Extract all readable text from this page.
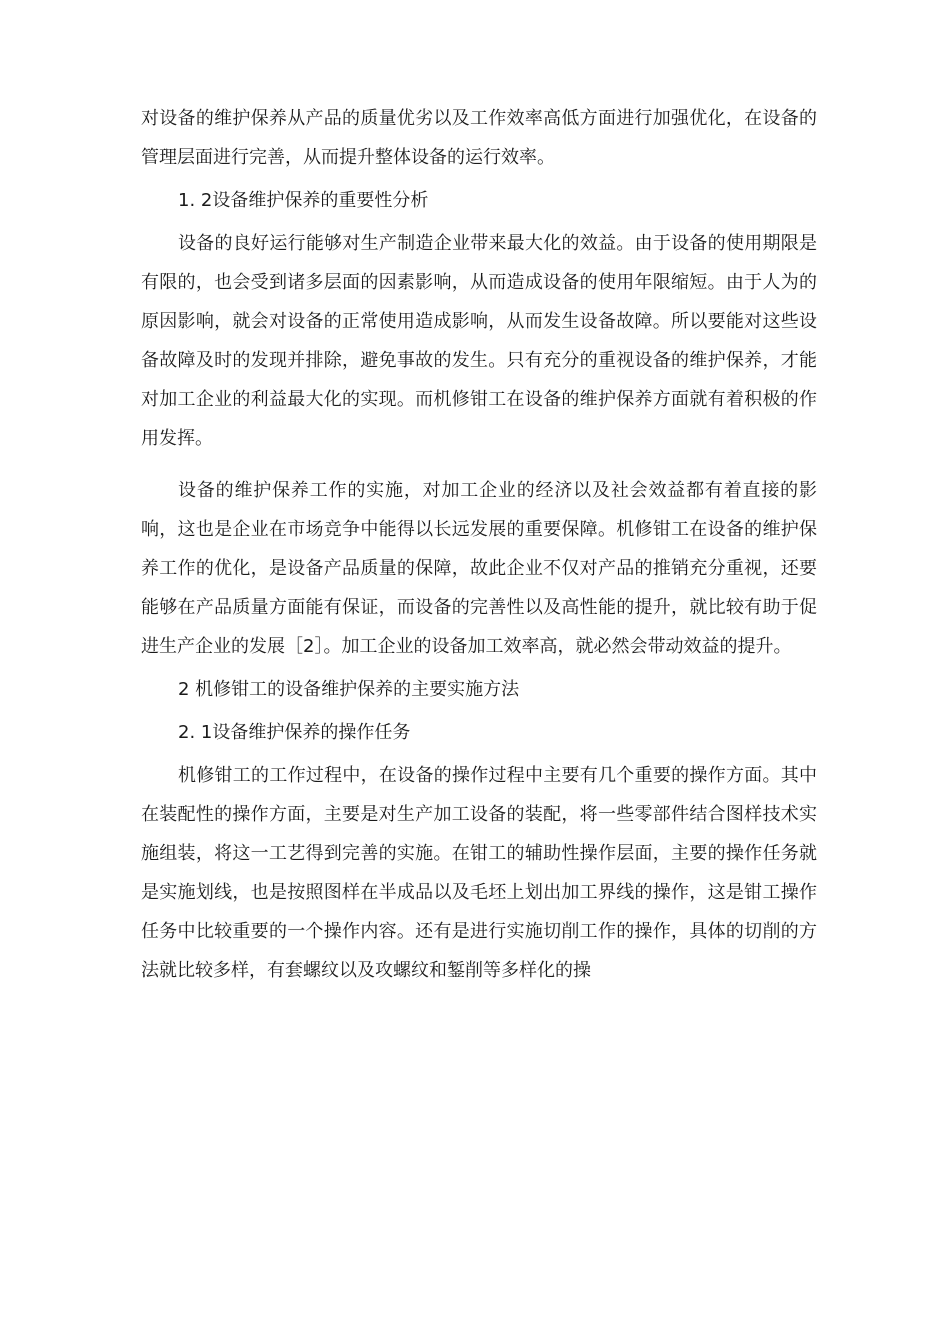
对设备的维护保养从产品的质量优劣以及工作效率高低方面进行加强优化，在设备的管理层面进行完善，从而提升整体设备的运行效率。

1. 2设备维护保养的重要性分析

设备的良好运行能够对生产制造企业带来最大化的效益。由于设备的使用期限是有限的，也会受到诸多层面的因素影响，从而造成设备的使用年限缩短。由于人为的原因影响，就会对设备的正常使用造成影响，从而发生设备故障。所以要能对这些设备故障及时的发现并排除，避免事故的发生。只有充分的重视设备的维护保养，才能对加工企业的利益最大化的实现。而机修钳工在设备的维护保养方面就有着积极的作用发挥。

设备的维护保养工作的实施，对加工企业的经济以及社会效益都有着直接的影响，这也是企业在市场竞争中能得以长远发展的重要保障。机修钳工在设备的维护保养工作的优化，是设备产品质量的保障，故此企业不仅对产品的推销充分重视，还要能够在产品质量方面能有保证，而设备的完善性以及高性能的提升，就比较有助于促进生产企业的发展［2］。加工企业的设备加工效率高，就必然会带动效益的提升。

2 机修钳工的设备维护保养的主要实施方法

2. 1设备维护保养的操作任务

机修钳工的工作过程中，在设备的操作过程中主要有几个重要的操作方面。其中在装配性的操作方面，主要是对生产加工设备的装配，将一些零部件结合图样技术实施组装，将这一工艺得到完善的实施。在钳工的辅助性操作层面，主要的操作任务就是实施划线，也是按照图样在半成品以及毛坯上划出加工界线的操作，这是钳工操作任务中比较重要的一个操作内容。还有是进行实施切削工作的操作，具体的切削的方法就比较多样，有套螺纹以及攻螺纹和錾削等多样化的操
